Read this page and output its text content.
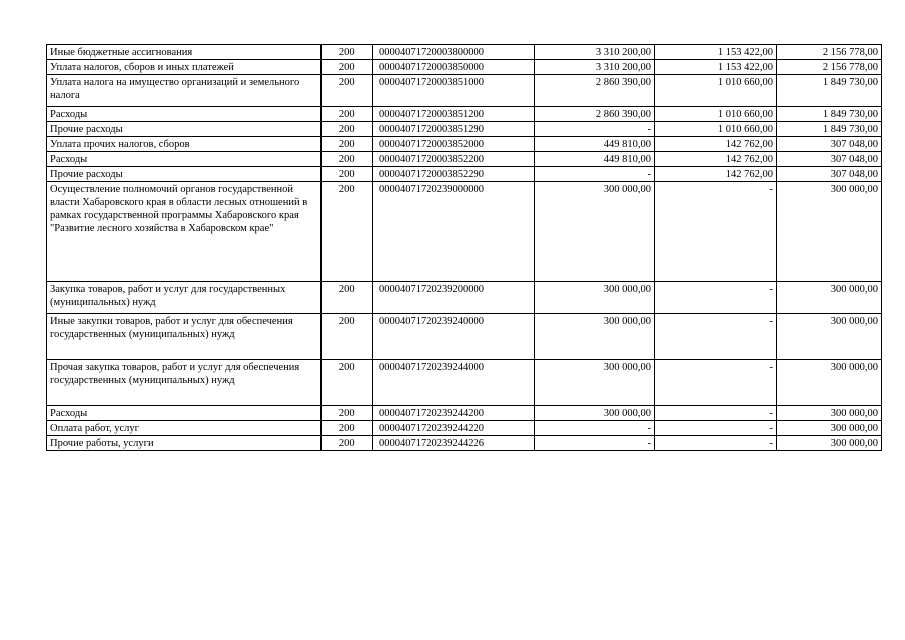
Иные бюджетные ассигнования	200	00004071720003800000	3 310 200,00	1 153 422,00	2 156 778,00
Уплата налогов, сборов и иных платежей	200	00004071720003850000	3 310 200,00	1 153 422,00	2 156 778,00
Уплата налога на имущество организаций и земельного налога	200	00004071720003851000	2 860 390,00	1 010 660,00	1 849 730,00
Расходы	200	00004071720003851200	2 860 390,00	1 010 660,00	1 849 730,00
Прочие расходы	200	00004071720003851290	-	1 010 660,00	1 849 730,00
Уплата прочих налогов, сборов	200	00004071720003852000	449 810,00	142 762,00	307 048,00
Расходы	200	00004071720003852200	449 810,00	142 762,00	307 048,00
Прочие расходы	200	00004071720003852290	-	142 762,00	307 048,00
Осуществление полномочий органов государственной власти Хабаровского края в области лесных отношений в рамках государственной программы Хабаровского края "Развитие лесного хозяйства в Хабаровском крае"	200	00004071720239000000	300 000,00	-	300 000,00
Закупка товаров, работ и услуг для государственных (муниципальных) нужд	200	00004071720239200000	300 000,00	-	300 000,00
Иные закупки товаров, работ и услуг для обеспечения государственных (муниципальных) нужд	200	00004071720239240000	300 000,00	-	300 000,00
Прочая закупка товаров, работ и услуг для обеспечения государственных (муниципальных) нужд	200	00004071720239244000	300 000,00	-	300 000,00
Расходы	200	00004071720239244200	300 000,00	-	300 000,00
Оплата работ, услуг	200	00004071720239244220	-	-	300 000,00
Прочие работы, услуги	200	00004071720239244226	-	-	300 000,00
